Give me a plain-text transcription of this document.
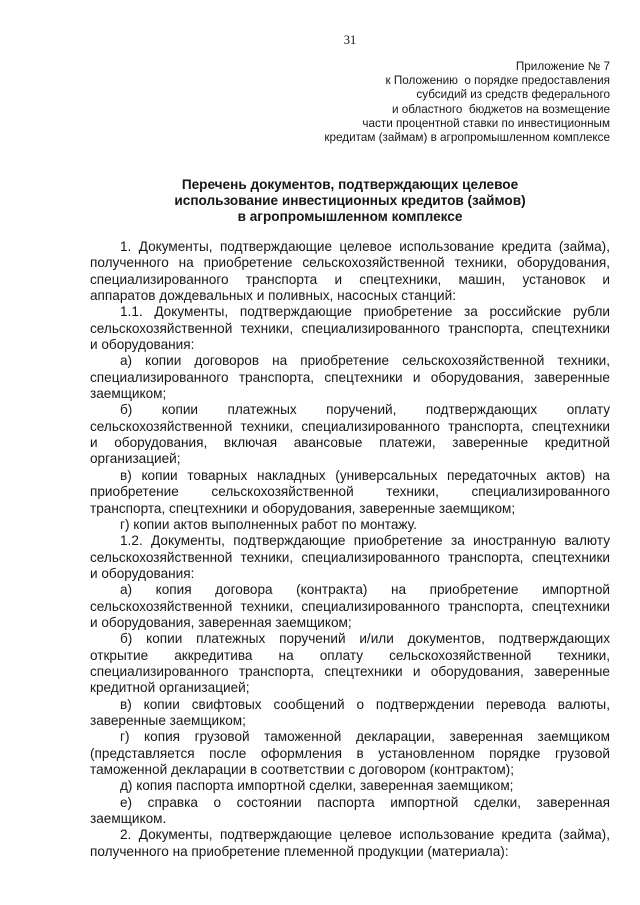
31
Приложение № 7
к Положению  о порядке предоставления
субсидий из средств федерального
и областного  бюджетов на возмещение
части процентной ставки по инвестиционным
кредитам (займам) в агропромышленном комплексе
Перечень документов, подтверждающих целевое
использование инвестиционных кредитов (займов)
в агропромышленном комплексе
1. Документы, подтверждающие целевое использование кредита (займа),
полученного на приобретение сельскохозяйственной техники, оборудования,
специализированного транспорта и спецтехники, машин, установок и
аппаратов дождевальных и поливных, насосных станций:
1.1. Документы, подтверждающие приобретение за российские рубли
сельскохозяйственной техники, специализированного транспорта, спецтехники
и оборудования:
а) копии договоров на приобретение сельскохозяйственной техники,
специализированного транспорта, спецтехники и оборудования, заверенные
заемщиком;
б) копии платежных поручений, подтверждающих оплату
сельскохозяйственной техники, специализированного транспорта, спецтехники
и оборудования, включая авансовые платежи, заверенные кредитной
организацией;
в) копии товарных накладных (универсальных передаточных актов) на
приобретение сельскохозяйственной техники, специализированного
транспорта, спецтехники и оборудования, заверенные заемщиком;
г) копии актов выполненных работ по монтажу.
1.2. Документы, подтверждающие приобретение за иностранную валюту
сельскохозяйственной техники, специализированного транспорта, спецтехники
и оборудования:
а) копия договора (контракта) на приобретение импортной
сельскохозяйственной техники, специализированного транспорта, спецтехники
и оборудования, заверенная заемщиком;
б) копии платежных поручений и/или документов, подтверждающих
открытие аккредитива на оплату сельскохозяйственной техники,
специализированного транспорта, спецтехники и оборудования, заверенные
кредитной организацией;
в) копии свифтовых сообщений о подтверждении перевода валюты,
заверенные заемщиком;
г) копия грузовой таможенной декларации, заверенная заемщиком
(представляется после оформления в установленном порядке грузовой
таможенной декларации в соответствии с договором (контрактом);
д) копия паспорта импортной сделки, заверенная заемщиком;
е) справка о состоянии паспорта импортной сделки, заверенная
заемщиком.
2. Документы, подтверждающие целевое использование кредита (займа),
полученного на приобретение племенной продукции (материала):
